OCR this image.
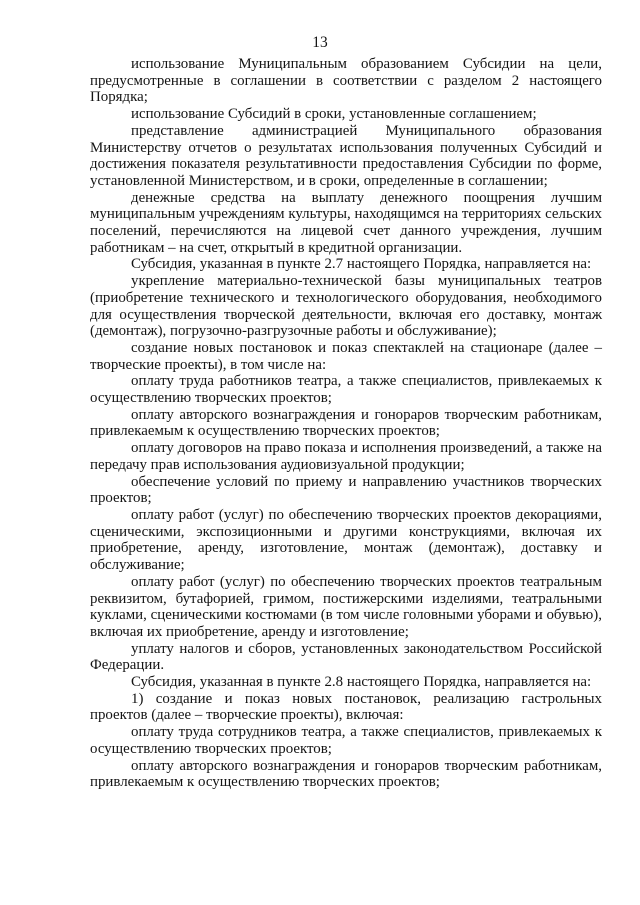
13

использование Муниципальным образованием Субсидии на цели, предусмотренные в соглашении в соответствии с разделом 2 настоящего Порядка;

использование Субсидий в сроки, установленные соглашением;

представление администрацией Муниципального образования Министерству отчетов о результатах использования полученных Субсидий и достижения показателя результативности предоставления Субсидии по форме, установленной Министерством, и в сроки, определенные в соглашении;

денежные средства на выплату денежного поощрения лучшим муниципальным учреждениям культуры, находящимся на территориях сельских поселений, перечисляются на лицевой счет данного учреждения, лучшим работникам – на счет, открытый в кредитной организации.

Субсидия, указанная в пункте 2.7 настоящего Порядка, направляется на:

укрепление материально-технической базы муниципальных театров (приобретение технического и технологического оборудования, необходимого для осуществления творческой деятельности, включая его доставку, монтаж (демонтаж), погрузочно-разгрузочные работы и обслуживание);

создание новых постановок и показ спектаклей на стационаре (далее – творческие проекты), в том числе на:

оплату труда работников театра, а также специалистов, привлекаемых к осуществлению творческих проектов;

оплату авторского вознаграждения и гонораров творческим работникам, привлекаемым к осуществлению творческих проектов;

оплату договоров на право показа и исполнения произведений, а также на передачу прав использования аудиовизуальной продукции;

обеспечение условий по приему и направлению участников творческих проектов;

оплату работ (услуг) по обеспечению творческих проектов декорациями, сценическими, экспозиционными и другими конструкциями, включая их приобретение, аренду, изготовление, монтаж (демонтаж), доставку и обслуживание;

оплату работ (услуг) по обеспечению творческих проектов театральным реквизитом, бутафорией, гримом, постижерскими изделиями, театральными куклами, сценическими костюмами (в том числе головными уборами и обувью), включая их приобретение, аренду и изготовление;

уплату налогов и сборов, установленных законодательством Российской Федерации.

Субсидия, указанная в пункте 2.8 настоящего Порядка, направляется на:

1) создание и показ новых постановок, реализацию гастрольных проектов (далее – творческие проекты), включая:

оплату труда сотрудников театра, а также специалистов, привлекаемых к осуществлению творческих проектов;

оплату авторского вознаграждения и гонораров творческим работникам, привлекаемым к осуществлению творческих проектов;
